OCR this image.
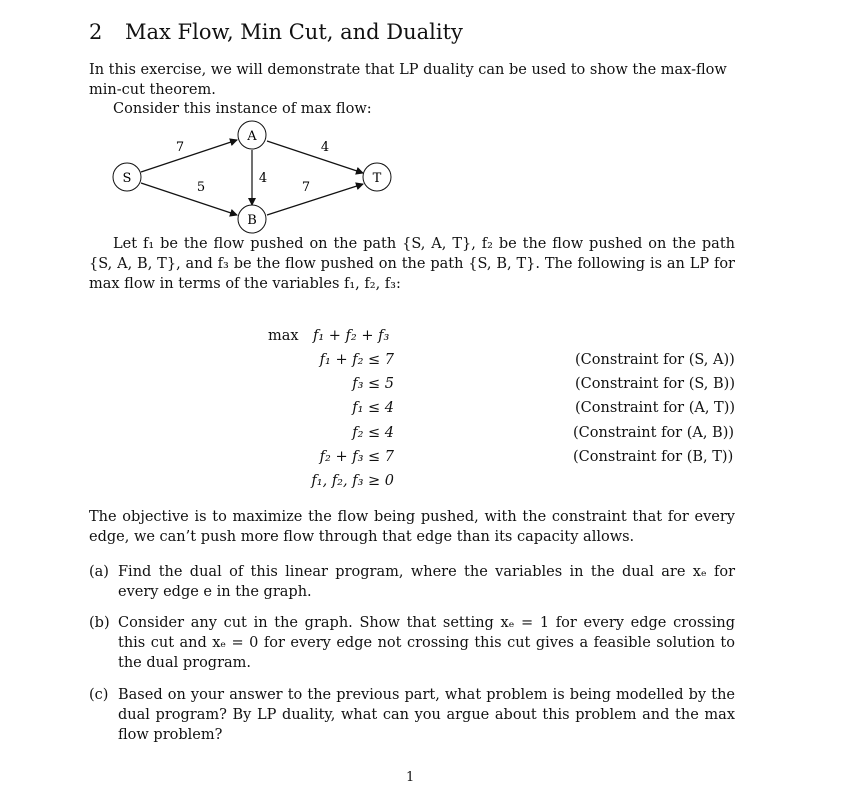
2 Max Flow, Min Cut, and Duality
In this exercise, we will demonstrate that LP duality can be used to show the max-flow min-cut theorem.
Consider this instance of max flow:
S
A
T
B
7	4
4
5	7
Let f₁ be the flow pushed on the path {S, A, T}, f₂ be the flow pushed on the path {S, A, B, T}, and f₃ be the flow pushed on the path {S, B, T}. The following is an LP for max flow in terms of the variables f₁, f₂, f₃:
max f₁ + f₂ + f₃
f₁ + f₂ ≤ 7
f₃ ≤ 5
f₁ ≤ 4
f₂ ≤ 4
f₂ + f₃ ≤ 7
f₁, f₂, f₃ ≥ 0
(Constraint for (S, A))
(Constraint for (S, B))
(Constraint for (A, T))
(Constraint for (A, B))
(Constraint for (B, T))
The objective is to maximize the flow being pushed, with the constraint that for every edge, we can’t push more flow through that edge than its capacity allows.
(a) Find the dual of this linear program, where the variables in the dual are xₑ for every edge e in the graph.
(b) Consider any cut in the graph. Show that setting xₑ = 1 for every edge crossing this cut and xₑ = 0 for every edge not crossing this cut gives a feasible solution to the dual program.
(c) Based on your answer to the previous part, what problem is being modelled by the dual program? By LP duality, what can you argue about this problem and the max flow problem?
1
